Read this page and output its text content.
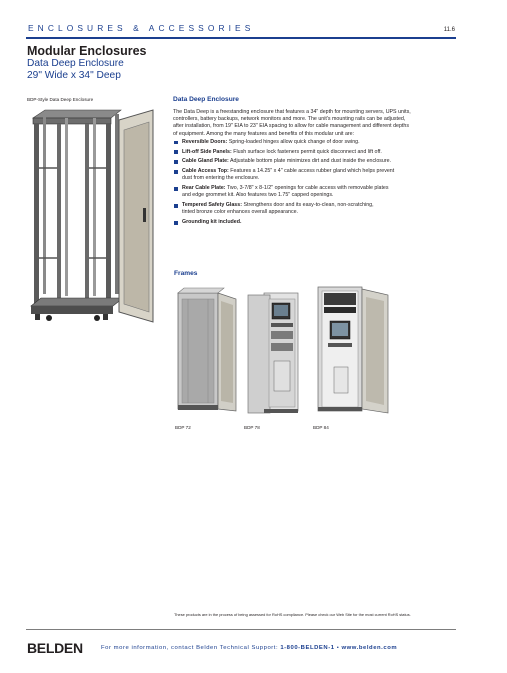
ENCLOSURES & ACCESSORIES	11.6
Modular Enclosures
Data Deep Enclosure
29" Wide x 34" Deep
BDP-Style Data Deep Enclosure	Data Deep Enclosure
The Data Deep is a freestanding enclosure that features a 34" depth for mounting servers, UPS units,
controllers, battery backups, network monitors and more. The unit's mounting rails can be adjusted,
after installation, from 19" EIA to 23" EIA spacing to allow for cable management and different depths
of equipment. Among the many features and benefits of this modular unit are:
Reversible Doors: Spring-loaded hinges allow quick change of door swing.
Lift-off Side Panels: Flush surface lock fasteners permit quick disconnect and lift off.
Cable Gland Plate: Adjustable bottom plate minimizes dirt and dust inside the enclosure.
Cable Access Top: Features a 14.25" x 4" cable access rubber gland which helps prevent
dust from entering the enclosure.
Rear Cable Plate: Two, 3-7/8" x 8-1/2" openings for cable access with removable plates
and edge grommet kit. Also features two 1.75" capped openings.
Tempered Safety Glass: Strengthens door and its easy-to-clean, non-scratching,
tinted bronze color enhances overall appearance.
Grounding kit included.
Frames
BDP 72	BDP 78	BDP 84
These products are in the process of being assessed for RoHS compliance. Please check our Web Site for the most current RoHS status.
BELDEN	For more information, contact Belden Technical Support: 1-800-BELDEN-1 • www.belden.com
